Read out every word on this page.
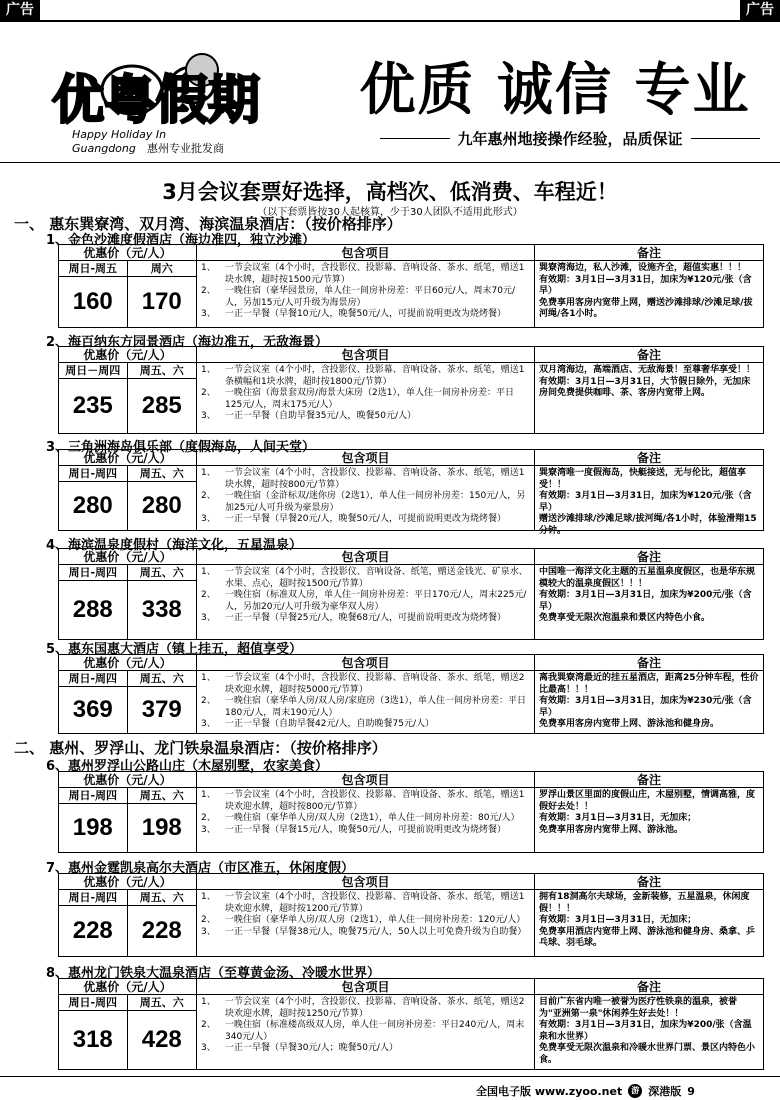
广告	广告
优粤假期
Happy Holiday In
Guangdong 惠州专业批发商
优质 诚信 专业
九年惠州地接操作经验，品质保证
3月会议套票好选择，高档次、低消费、车程近！
（以下套票皆按30人起核算，少于30人团队不适用此形式）
一、 惠东巽寮湾、双月湾、海滨温泉酒店：（按价格排序）
二、 惠州、罗浮山、龙门铁泉温泉酒店：（按价格排序）
1、金色沙滩度假酒店（海边准四，独立沙滩）
优惠价（元/人）	包含项目	备注
周日-周五	周六
160	170
1、	一节会议室（4个小时，含投影仪、投影幕、音响设备、茶水、纸笔，赠送1块水牌，超时按1500元/节算）
2、	一晚住宿（豪华园景房，单人住一间房补房差：平日60元/人，周末70元/人，另加15元/人可升级为海景房）
3、	一正一早餐（早餐10元/人，晚餐50元/人，可提前说明更改为烧烤餐）
巽寮湾海边，私人沙滩，设施齐全，超值实惠！！！
有效期：3月1日—3月31日，加床为¥120元/张（含早）
免费享用客房内宽带上网，赠送沙滩排球/沙滩足球/拔河绳/各1小时。
2、海百纳东方园景酒店（海边准五，无敌海景）
优惠价（元/人）	包含项目	备注
周日－周四	周五、六
235	285
1、	一节会议室（4个小时，含投影仪、投影幕、音响设备、茶水、纸笔，赠送1条横幅和1块水牌，超时按1800元/节算）
2、	一晚住宿（海景套双房/海景大床房（2选1），单人住一间房补房差：平日125元/人，周末175元/人）
3、	一正一早餐（自助早餐35元/人，晚餐50元/人）
双月湾海边，高端酒店、无敌海景！至尊奢华享受！！
有效期：3月1日—3月31日，大节假日除外，无加床
房间免费提供咖啡、茶、客房内宽带上网。
3、三角洲海岛俱乐部（度假海岛，人间天堂）
优惠价（元/人）	包含项目	备注
周日-周四	周五、六
280	280
1、	一节会议室（4个小时，含投影仪、投影幕、音响设备、茶水、纸笔，赠送1块水牌，超时按800元/节算）
2、	一晚住宿（金浒标双/迷你房（2选1），单人住一间房补房差：150元/人，另加25元/人可升级为豪景房）
3、	一正一早餐（早餐20元/人，晚餐50元/人，可提前说明更改为烧烤餐）
巽寮湾唯一度假海岛，快艇接送，无与伦比，超值享受！！
有效期：3月1日—3月31日，加床为¥120元/张（含早）
赠送沙滩排球/沙滩足球/拔河绳/各1小时，体验滑翔15分钟。
4、海滨温泉度假村（海洋文化，五星温泉）
优惠价（元/人）	包含项目	备注
周日-周四	周五、六
288	338
1、	一节会议室（4个小时，含投影仪、音响设备、纸笔，赠送金钱光、矿泉水、水果、点心，超时按1500元/节算）
2、	一晚住宿（标准双人房，单人住一间房补房差：平日170元/人，周末225元/人，另加20元/人可升级为豪华双人房）
3、	一正一早餐（早餐25元/人，晚餐68元/人，可提前说明更改为烧烤餐）
中国唯一海洋文化主题的五星温泉度假区，也是华东规模较大的温泉度假区！！！
有效期：3月1日—3月31日，加床为¥200元/张（含早）
免费享受无限次泡温泉和景区内特色小食。
5、惠东国惠大酒店（镇上挂五，超值享受）
优惠价（元/人）	包含项目	备注
周日-周四	周五、六
369	379
1、	一节会议室（4个小时，含投影仪、投影幕、音响设备、茶水、纸笔，赠送2块欢迎水牌，超时按5000元/节算）
2、	一晚住宿（豪华单人房/双人房/家庭房（3选1），单人住一间房补房差：平日180元/人，周末190元/人）
3、	一正一早餐（自助早餐42元/人，自助晚餐75元/人）
离我巽寮湾最近的挂五星酒店，距离25分钟车程，性价比最高！！！
有效期：3月1日—3月31日，加床为¥230元/张（含早）
免费享用客房内宽带上网、游泳池和健身房。
6、惠州罗浮山公路山庄（木屋别墅，农家美食）
优惠价（元/人）	包含项目	备注
周日-周四	周五、六
198	198
1、	一节会议室（4个小时，含投影仪、投影幕、音响设备、茶水、纸笔，赠送1块欢迎水牌，超时按800元/节算）
2、	一晚住宿（豪华单人房/双人房（2选1），单人住一间房补房差：80元/人）
3、	一正一早餐（早餐15元/人，晚餐50元/人，可提前说明更改为烧烤餐）
罗浮山景区里面的度假山庄，木屋别墅，情调高雅，度假好去处！！
有效期：3月1日—3月31日，无加床；
免费享用客房内宽带上网、游泳池。
7、惠州金霆凯泉高尔夫酒店（市区准五，休闲度假）
优惠价（元/人）	包含项目	备注
周日-周四	周五、六
228	228
1、	一节会议室（4个小时，含投影仪、投影幕、音响设备、茶水、纸笔，赠送1块欢迎水牌，超时按1200元/节算）
2、	一晚住宿（豪华单人房/双人房（2选1），单人住一间房补房差：120元/人）
3、	一正一早餐（早餐38元/人，晚餐75元/人，50人以上可免费升级为自助餐）
拥有18洞高尔夫球场，金新装修，五星温泉，休闲度假！！！
有效期：3月1日—3月31日，无加床；
免费享用酒店内宽带上网、游泳池和健身房、桑拿、乒乓球、羽毛球。
8、惠州龙门铁泉大温泉酒店（至尊黄金汤、冷暖水世界）
优惠价（元/人）	包含项目	备注
周日-周四	周五、六
318	428
1、	一节会议室（4个小时，含投影仪、投影幕、音响设备、茶水、纸笔，赠送2块欢迎水牌，超时按1250元/节算）
2、	一晚住宿（标准楼高级双人房，单人住一间房补房差：平日240元/人，周末340元/人）
3、	一正一早餐（早餐30元/人；晚餐50元/人）
目前广东省内唯一被誉为医疗性铁泉的温泉，被誉为"亚洲第一泉"休闲养生好去处！！
有效期：3月1日—3月31日，加床为¥200/张（含温泉和水世界）
免费享受无限次温泉和冷暖水世界门票、景区内特色小食。
全国电子版 www.zyoo.net	游 深港版 9
